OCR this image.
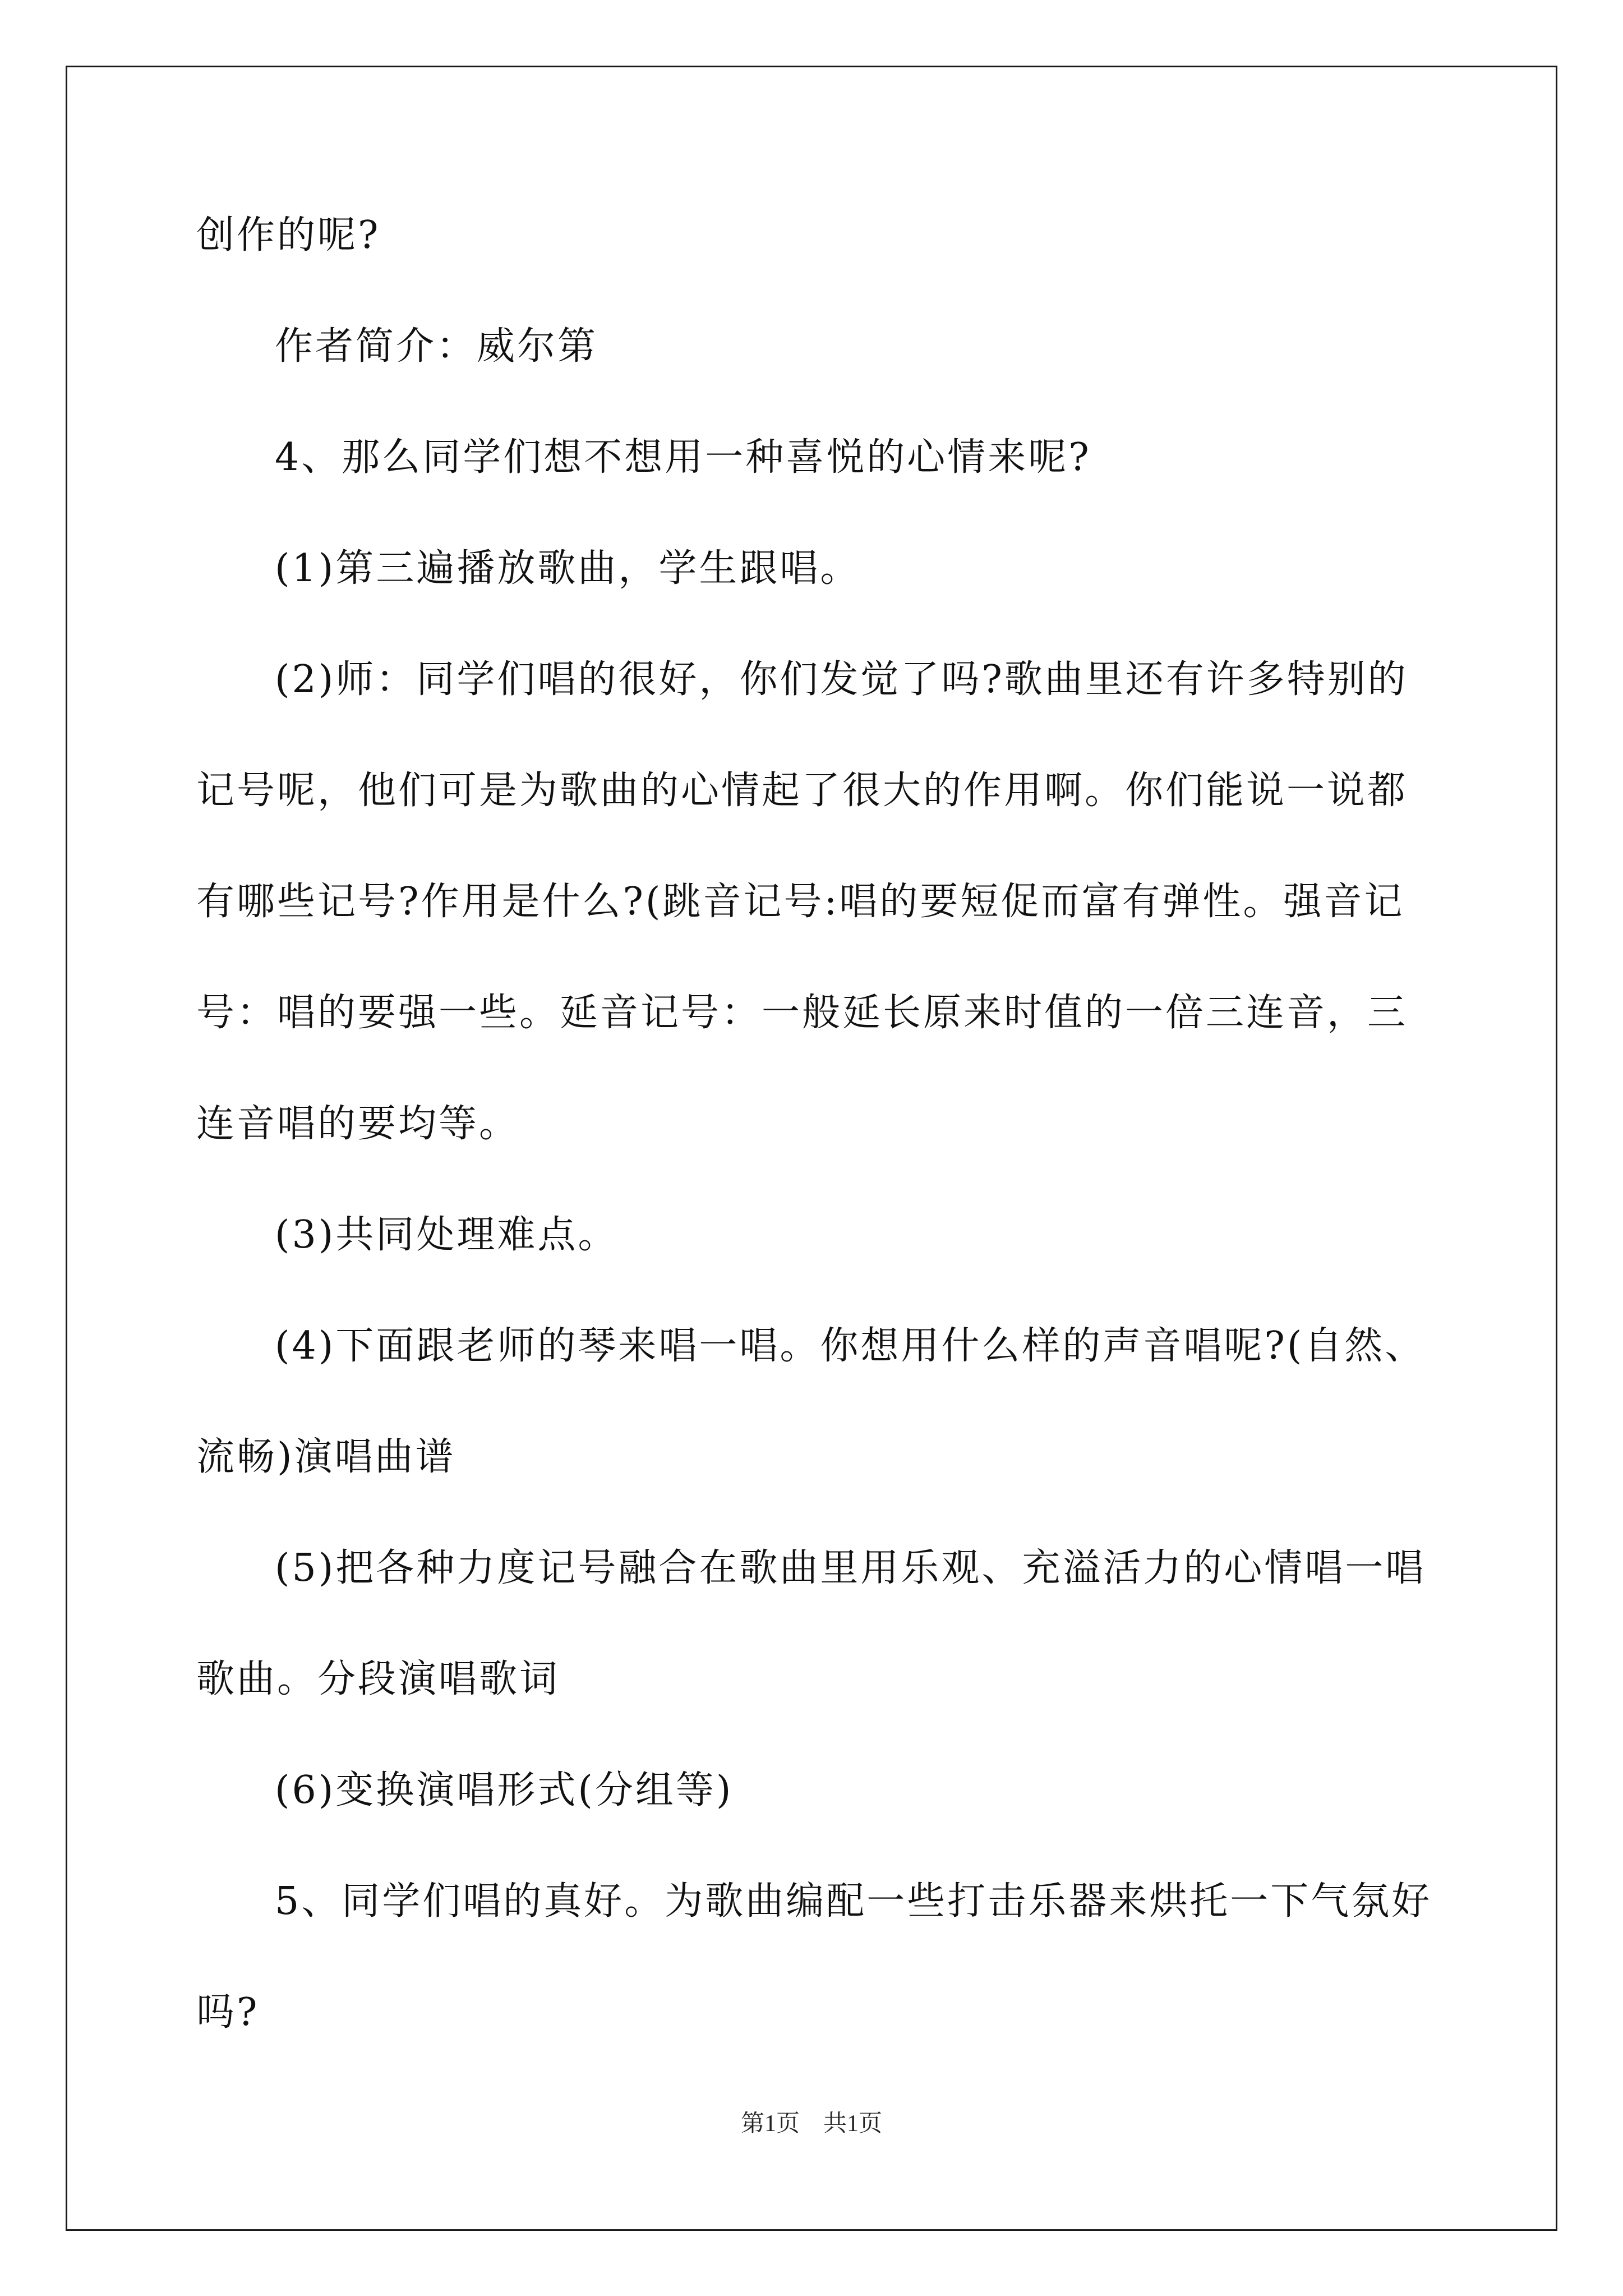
创作的呢?
作者简介：威尔第
4、那么同学们想不想用一种喜悦的心情来呢?
(1)第三遍播放歌曲，学生跟唱。
(2)师：同学们唱的很好，你们发觉了吗?歌曲里还有许多特别的
记号呢，他们可是为歌曲的心情起了很大的作用啊。你们能说一说都
有哪些记号?作用是什么?(跳音记号:唱的要短促而富有弹性。强音记
号：唱的要强一些。延音记号：一般延长原来时值的一倍三连音，三
连音唱的要均等。
(3)共同处理难点。
(4)下面跟老师的琴来唱一唱。你想用什么样的声音唱呢?(自然、
流畅)演唱曲谱
(5)把各种力度记号融合在歌曲里用乐观、充溢活力的心情唱一唱
歌曲。分段演唱歌词
(6)变换演唱形式(分组等)
5、同学们唱的真好。为歌曲编配一些打击乐器来烘托一下气氛好
吗?
第1页　共1页
